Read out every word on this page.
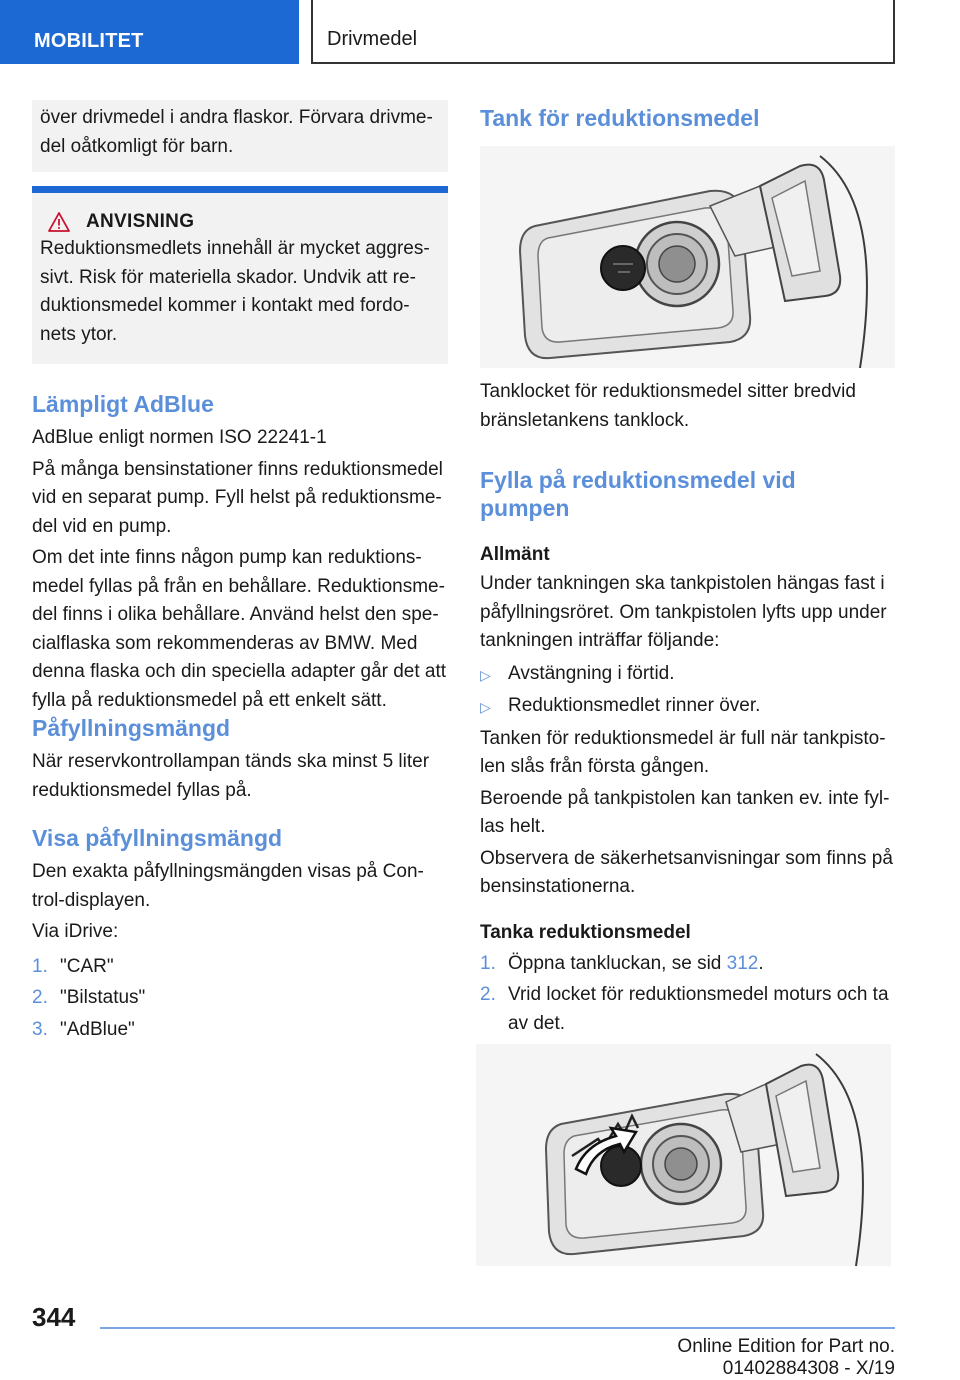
MOBILITET	Drivmedel

över drivmedel i andra flaskor. Förvara drivme-del oåtkomligt för barn.

ANVISNING

Reduktionsmedlets innehåll är mycket aggres-sivt. Risk för materiella skador. Undvik att re-duktionsmedel kommer i kontakt med fordo-nets ytor.

Lämpligt AdBlue

AdBlue enligt normen ISO 22241-1

På många bensinstationer finns reduktionsmedel vid en separat pump. Fyll helst på reduktionsme-del vid en pump.

Om det inte finns någon pump kan reduktions-medel fyllas på från en behållare. Reduktionsme-del finns i olika behållare. Använd helst den spe-cialflaska som rekommenderas av BMW. Med denna flaska och din speciella adapter går det att fylla på reduktionsmedel på ett enkelt sätt.

Påfyllningsmängd

När reservkontrollampan tänds ska minst 5 liter reduktionsmedel fyllas på.

Visa påfyllningsmängd

Den exakta påfyllningsmängden visas på Con-trol-displayen.

Via iDrive:

1. "CAR"
2. "Bilstatus"
3. "AdBlue"
Tank för reduktionsmedel

Tanklocket för reduktionsmedel sitter bredvid bränsletankens tanklock.

Fylla på reduktionsmedel vid
pumpen
Allmänt

Under tankningen ska tankpistolen hängas fast i påfyllningsröret. Om tankpistolen lyfts upp under tankningen inträffar följande:

▷ Avstängning i förtid.
▷ Reduktionsmedlet rinner över.

Tanken för reduktionsmedel är full när tankpisto-len slås från första gången.

Beroende på tankpistolen kan tanken ev. inte fyl-las helt.

Observera de säkerhetsanvisningar som finns på bensinstationerna.

Tanka reduktionsmedel
1. Öppna tankluckan, se sid 312.
2. Vrid locket för reduktionsmedel moturs och ta av det.
344
Online Edition for Part no. 01402884308 - X/19
